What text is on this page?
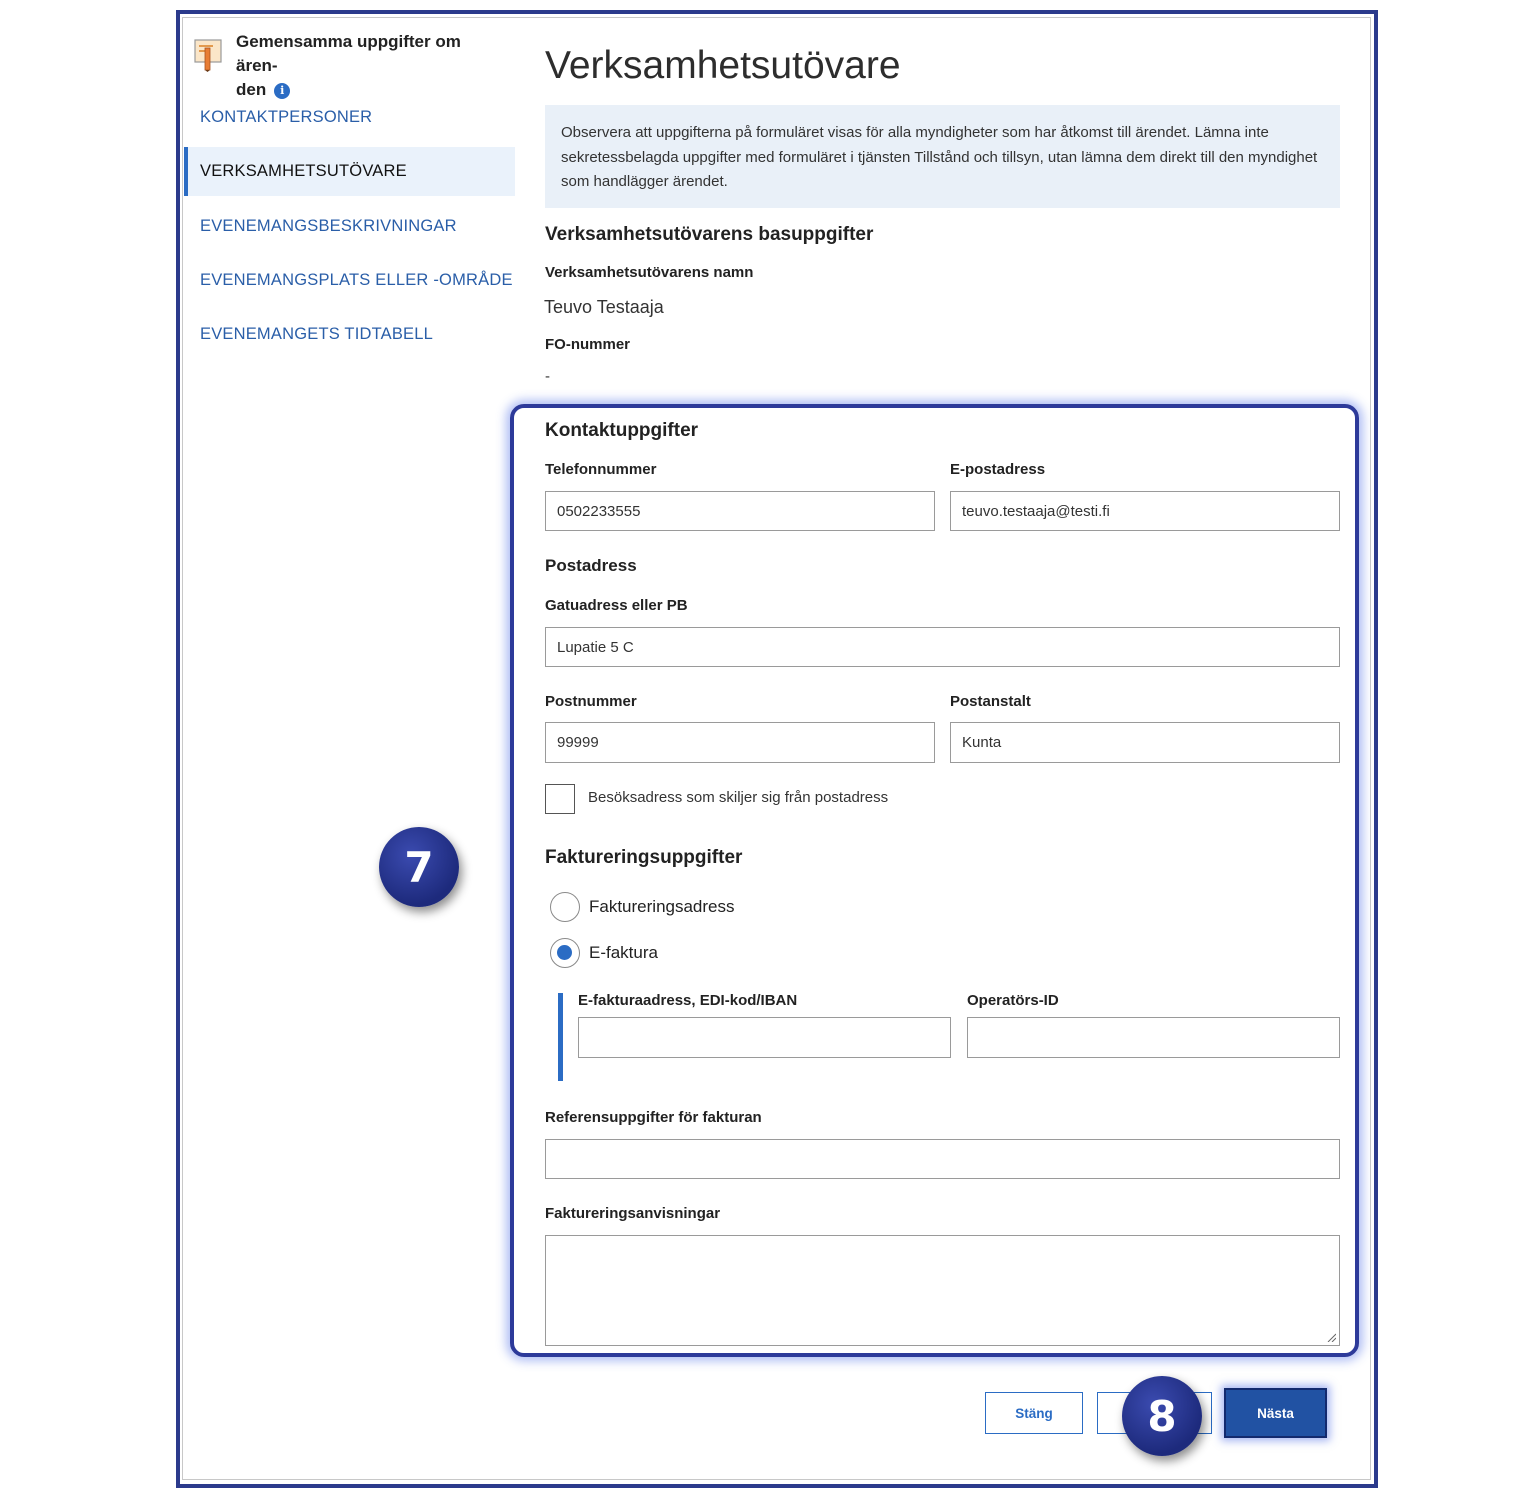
Gemensamma uppgifter om ären-
den i
KONTAKTPERSONER
VERKSAMHETSUTÖVARE
EVENEMANGSBESKRIVNINGAR
EVENEMANGSPLATS ELLER -OMRÅDE
EVENEMANGETS TIDTABELL
Verksamhetsutövare
Observera att uppgifterna på formuläret visas för alla myndigheter som har åtkomst till ärendet. Lämna inte sekretessbelagda uppgifter med formuläret i tjänsten Tillstånd och tillsyn, utan lämna dem direkt till den myndighet som handlägger ärendet.
Verksamhetsutövarens basuppgifter
Verksamhetsutövarens namn
Teuvo Testaaja
FO-nummer
-
Kontaktuppgifter
Telefonnummer
0502233555
E-postadress
teuvo.testaaja@testi.fi
Postadress
Gatuadress eller PB
Lupatie 5 C
Postnummer
99999
Postanstalt
Kunta
Besöksadress som skiljer sig från postadress
Faktureringsuppgifter
Faktureringsadress
E-faktura
E-fakturaadress, EDI-kod/IBAN	Operatörs-ID
Referensuppgifter för fakturan
Faktureringsanvisningar
Stäng	Nästa
7
8
